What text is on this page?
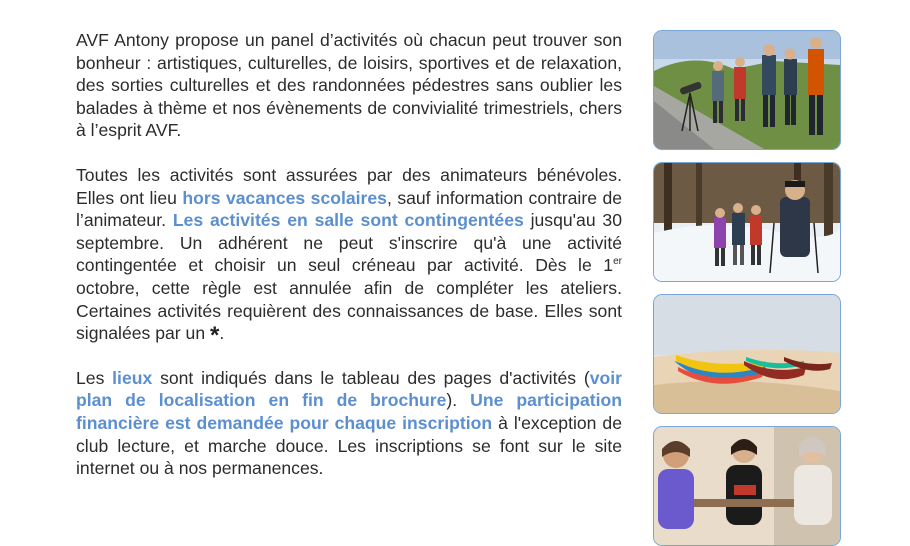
AVF Antony propose un panel d’activités où chacun peut trouver son bonheur : artistiques, culturelles, de loisirs, sportives et de relaxation, des sorties culturelles et des randonnées pédestres sans oublier les balades à thème et nos évènements de convivialité trimestriels, chers à l’esprit AVF.

Toutes les activités sont assurées par des animateurs bénévoles. Elles ont lieu hors vacances scolaires, sauf information contraire de l’animateur. Les activités en salle sont contingentées jusqu'au 30 septembre. Un adhérent ne peut s'inscrire qu'à une activité contingentée et choisir un seul créneau par activité. Dès le 1er octobre, cette règle est annulée afin de compléter les ateliers. Certaines activités requièrent des connaissances de base. Elles sont signalées par un *.

Les lieux sont indiqués dans le tableau des pages d'activités (voir plan de localisation en fin de brochure). Une participation financière est demandée pour chaque inscription à l'exception de club lecture, et marche douce. Les inscriptions se font sur le site internet ou à nos permanences.
